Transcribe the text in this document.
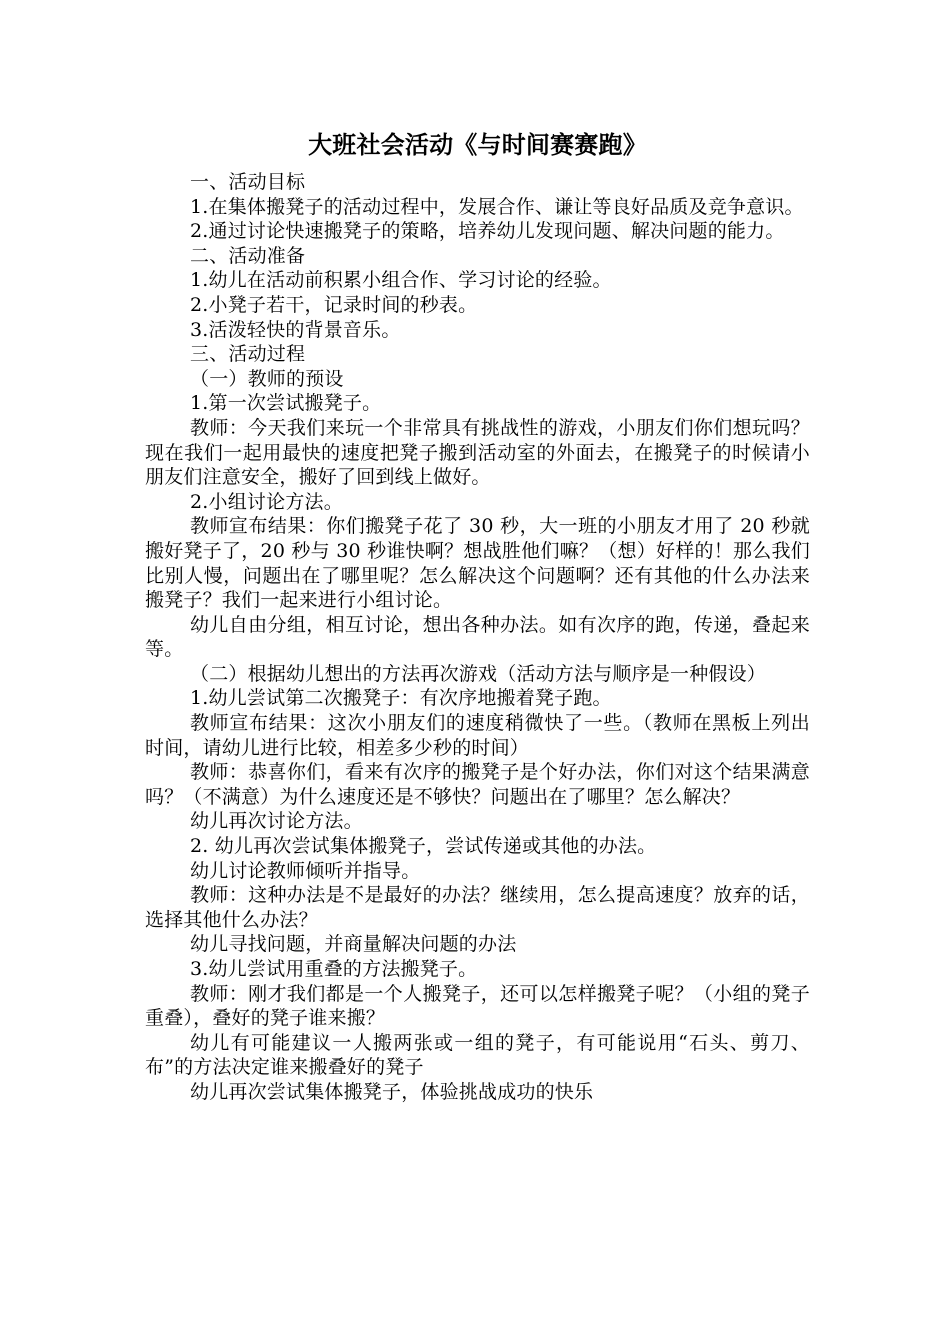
大班社会活动《与时间赛赛跑》

一、活动目标

1.在集体搬凳子的活动过程中，发展合作、谦让等良好品质及竞争意识。

2.通过讨论快速搬凳子的策略，培养幼儿发现问题、解决问题的能力。

二、活动准备

1.幼儿在活动前积累小组合作、学习讨论的经验。

2.小凳子若干，记录时间的秒表。

3.活泼轻快的背景音乐。

三、活动过程

（一）教师的预设

1.第一次尝试搬凳子。

教师：今天我们来玩一个非常具有挑战性的游戏，小朋友们你们想玩吗？现在我们一起用最快的速度把凳子搬到活动室的外面去，在搬凳子的时候请小朋友们注意安全，搬好了回到线上做好。

2.小组讨论方法。

教师宣布结果：你们搬凳子花了 30 秒，大一班的小朋友才用了 20 秒就搬好凳子了，20 秒与 30 秒谁快啊？想战胜他们嘛？（想）好样的！那么我们比别人慢，问题出在了哪里呢？怎么解决这个问题啊？还有其他的什么办法来搬凳子？我们一起来进行小组讨论。

幼儿自由分组，相互讨论，想出各种办法。如有次序的跑，传递，叠起来等。

（二）根据幼儿想出的方法再次游戏（活动方法与顺序是一种假设）

1.幼儿尝试第二次搬凳子：有次序地搬着凳子跑。

教师宣布结果：这次小朋友们的速度稍微快了一些。（教师在黑板上列出时间，请幼儿进行比较，相差多少秒的时间）

教师：恭喜你们，看来有次序的搬凳子是个好办法，你们对这个结果满意吗？（不满意）为什么速度还是不够快？问题出在了哪里？怎么解决？

幼儿再次讨论方法。

2. 幼儿再次尝试集体搬凳子，尝试传递或其他的办法。

幼儿讨论教师倾听并指导。

教师：这种办法是不是最好的办法？继续用，怎么提高速度？放弃的话，选择其他什么办法？

幼儿寻找问题，并商量解决问题的办法

3.幼儿尝试用重叠的方法搬凳子。

教师：刚才我们都是一个人搬凳子，还可以怎样搬凳子呢？（小组的凳子重叠），叠好的凳子谁来搬？

幼儿有可能建议一人搬两张或一组的凳子，有可能说用“石头、剪刀、布”的方法决定谁来搬叠好的凳子

幼儿再次尝试集体搬凳子，体验挑战成功的快乐
